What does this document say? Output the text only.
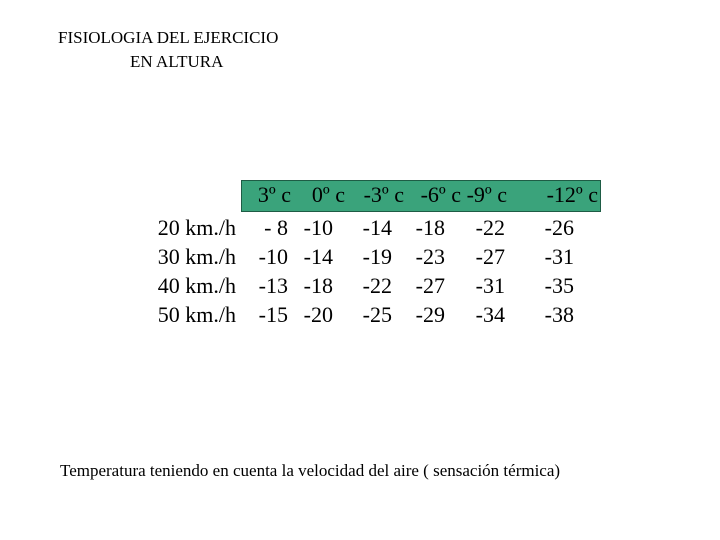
FISIOLOGIA DEL EJERCICIO
EN ALTURA
3º c 0º c -3º c -6º c -9º c -12º c
20 km./h - 8 -10 -14 -18 -22 -26
30 km./h -10 -14 -19 -23 -27 -31
40 km./h -13 -18 -22 -27 -31 -35
50 km./h -15 -20 -25 -29 -34 -38
Temperatura teniendo en cuenta la velocidad del aire ( sensación térmica)
